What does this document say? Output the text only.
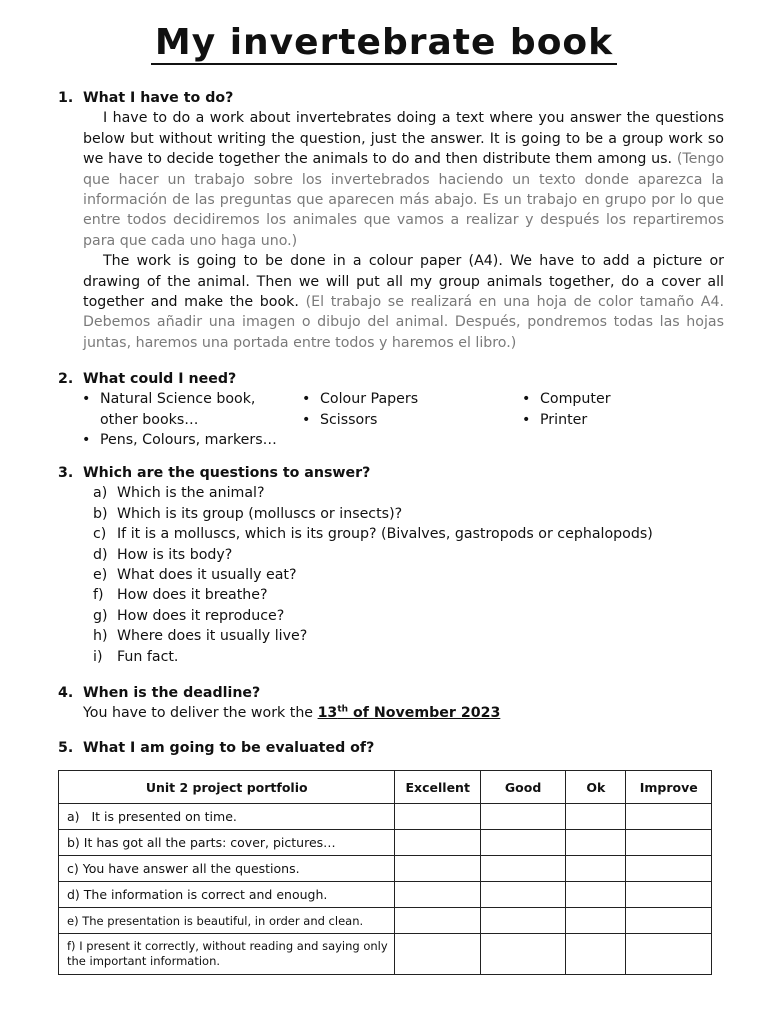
My invertebrate book
1. What I have to do?

I have to do a work about invertebrates doing a text where you answer the questions below but without writing the question, just the answer. It is going to be a group work so we have to decide together the animals to do and then distribute them among us. (Tengo que hacer un trabajo sobre los invertebrados haciendo un texto donde aparezca la información de las preguntas que aparecen más abajo. Es un trabajo en grupo por lo que entre todos decidiremos los animales que vamos a realizar y después los repartiremos para que cada uno haga uno.)

The work is going to be done in a colour paper (A4). We have to add a picture or drawing of the animal. Then we will put all my group animals together, do a cover all together and make the book. (El trabajo se realizará en una hoja de color tamaño A4. Debemos añadir una imagen o dibujo del animal. Después, pondremos todas las hojas juntas, haremos una portada entre todos y haremos el libro.)

2. What could I need?
• Natural Science book, other books…
• Pens, Colours, markers…
• Colour Papers
• Scissors
• Computer
• Printer
3. Which are the questions to answer?
a) Which is the animal?
b) Which is its group (molluscs or insects)?
c) If it is a molluscs, which is its group? (Bivalves, gastropods or cephalopods)
d) How is its body?
e) What does it usually eat?
f) How does it breathe?
g) How does it reproduce?
h) Where does it usually live?
i) Fun fact.
4. When is the deadline?
You have to deliver the work the 13th of November 2023
5. What I am going to be evaluated of?
Unit 2 project portfolio	Excellent	Good	Ok	Improve
a) It is presented on time.				
b) It has got all the parts: cover, pictures…				
c) You have answer all the questions.				
d) The information is correct and enough.				
e) The presentation is beautiful, in order and clean.				
f) I present it correctly, without reading and saying only the important information.				
